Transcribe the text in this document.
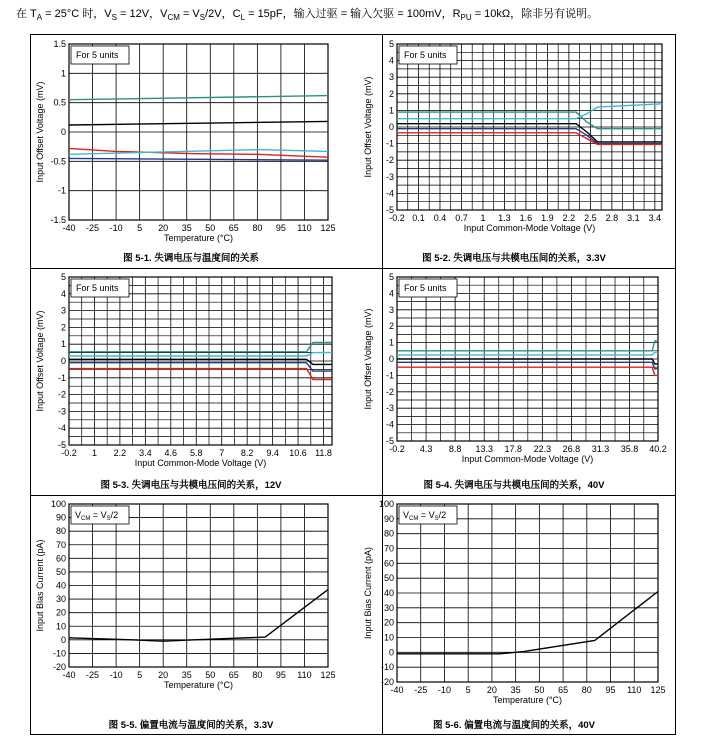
在 $T_A = 25^\circ C$ 时，$V_S = 12V$，$V_{CM} = V_S/2V$，$C_L = 15pF$，输入过驱 = 输入欠驱 = 100mV，$R_{PU} = 10k\Omega$，除非另有说明。
-1.5
-1
-0.5
0
0.5
1
1.5
-40 -25 -10 5 20 35 50 65 80 95 110 125
Temperature (°C)
Input Offset Voltage (mV)
For 5 units
图 5-1. 失调电压与温度间的关系
-5
-4
-3
-2
-1
0
1
2
3
4
5
-0.2 0.1 0.4 0.7 1 1.3 1.6 1.9 2.2 2.5 2.8 3.1 3.4
Input Common-Mode Voltage (V)
Input Offset Voltage (mV)
For 5 units
图 5-2. 失调电压与共模电压间的关系，3.3V
-5
-4
-3
-2
-1
0
1
2
3
4
5
-0.2 1 2.2 3.4 4.6 5.8 7 8.2 9.4 10.6 11.8
Input Common-Mode Voltage (V)
Input Offset Voltage (mV)
For 5 units
图 5-3. 失调电压与共模电压间的关系，12V
-5
-4
-3
-2
-1
0
1
2
3
4
5
-0.2 4.3 8.8 13.3 17.8 22.3 26.8 31.3 35.8 40.2
Input Common-Mode Voltage (V)
Input Offset Voltage (mV)
For 5 units
图 5-4. 失调电压与共模电压间的关系，40V
-20
-10
0
10
20
30
40
50
60
70
80
90
100
-40 -25 -10 5 20 35 50 65 80 95 110 125
Temperature (°C)
Input Bias Current (pA)
$V_{CM} = V_S/2$
图 5-5. 偏置电流与温度间的关系，3.3V
-20
-10
0
10
20
30
40
50
60
70
80
90
100
-40 -25 -10 5 20 35 50 65 80 95 110 125
Temperature (°C)
Input Bias Current (pA)
$V_{CM} = V_S/2$
图 5-6. 偏置电流与温度间的关系，40V
